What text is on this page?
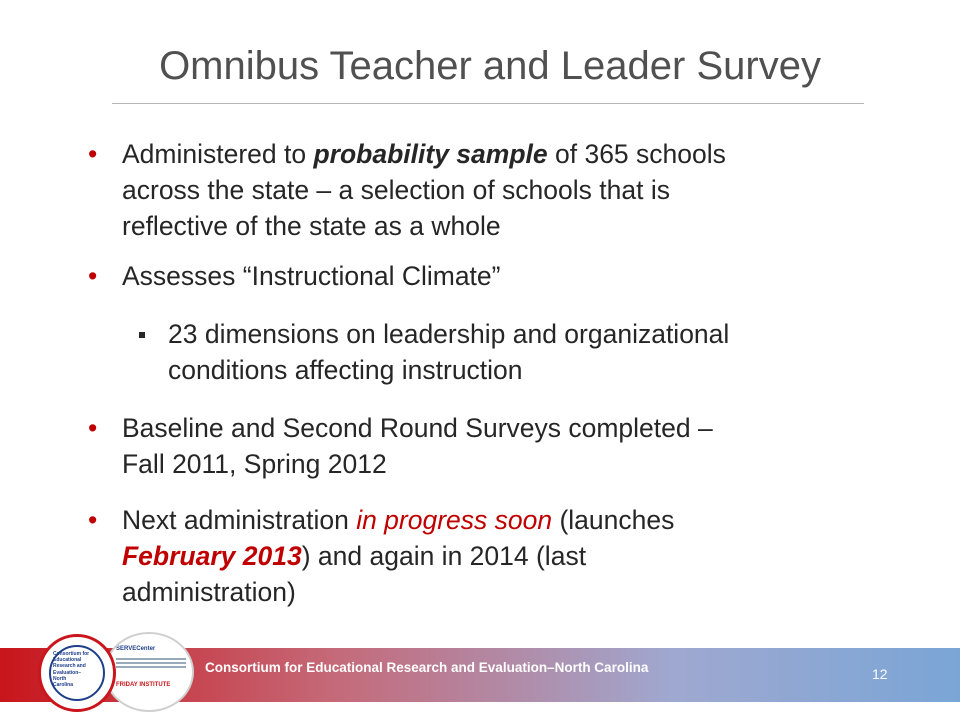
Omnibus Teacher and Leader Survey
• Administered to probability sample of 365 schools
across the state – a selection of schools that is
reflective of the state as a whole
• Assesses “Instructional Climate”
23 dimensions on leadership and organizational
conditions affecting instruction
• Baseline and Second Round Surveys completed –
Fall 2011, Spring 2012
• Next administration in progress soon (launches
February 2013) and again in 2014 (last
administration)
SERVECenter
FRIDAY INSTITUTE
Consortium for
Educational
Research and
Evaluation–
North
Carolina
Consortium for Educational Research and Evaluation–North Carolina	12
